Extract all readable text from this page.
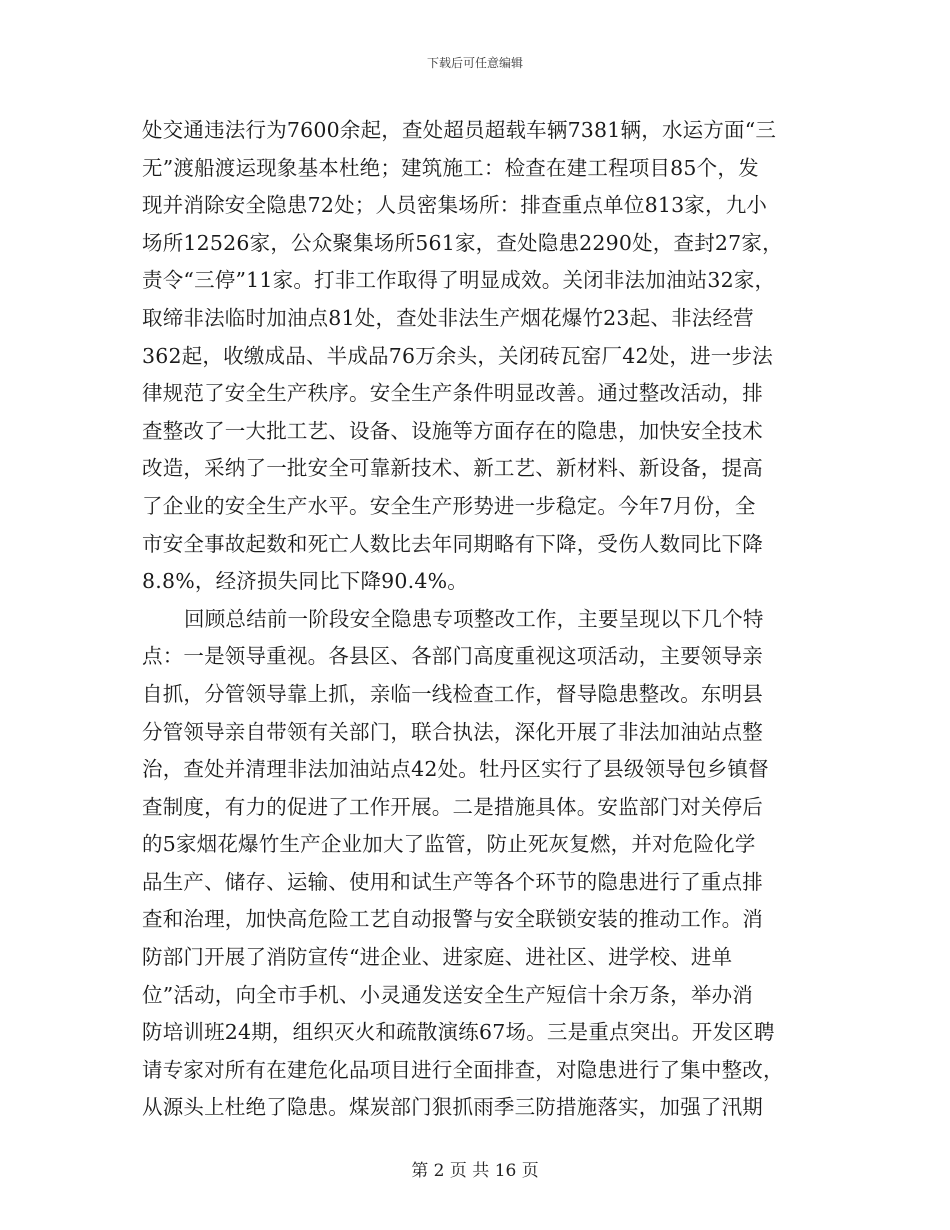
下载后可任意编辑
处交通违法行为7600余起，查处超员超载车辆7381辆，水运方面“三
无”渡船渡运现象基本杜绝；建筑施工：检查在建工程项目85个，发
现并消除安全隐患72处；人员密集场所：排查重点单位813家，九小
场所12526家，公众聚集场所561家，查处隐患2290处，查封27家，
责令“三停”11家。打非工作取得了明显成效。关闭非法加油站32家，
取缔非法临时加油点81处，查处非法生产烟花爆竹23起、非法经营
362起，收缴成品、半成品76万余头，关闭砖瓦窑厂42处，进一步法
律规范了安全生产秩序。安全生产条件明显改善。通过整改活动，排
查整改了一大批工艺、设备、设施等方面存在的隐患，加快安全技术
改造，采纳了一批安全可靠新技术、新工艺、新材料、新设备，提高
了企业的安全生产水平。安全生产形势进一步稳定。今年7月份，全
市安全事故起数和死亡人数比去年同期略有下降，受伤人数同比下降
8.8%，经济损失同比下降90.4%。
回顾总结前一阶段安全隐患专项整改工作，主要呈现以下几个特
点：一是领导重视。各县区、各部门高度重视这项活动，主要领导亲
自抓，分管领导靠上抓，亲临一线检查工作，督导隐患整改。东明县
分管领导亲自带领有关部门，联合执法，深化开展了非法加油站点整
治，查处并清理非法加油站点42处。牡丹区实行了县级领导包乡镇督
查制度，有力的促进了工作开展。二是措施具体。安监部门对关停后
的5家烟花爆竹生产企业加大了监管，防止死灰复燃，并对危险化学
品生产、储存、运输、使用和试生产等各个环节的隐患进行了重点排
查和治理，加快高危险工艺自动报警与安全联锁安装的推动工作。消
防部门开展了消防宣传“进企业、进家庭、进社区、进学校、进单
位”活动，向全市手机、小灵通发送安全生产短信十余万条，举办消
防培训班24期，组织灭火和疏散演练67场。三是重点突出。开发区聘
请专家对所有在建危化品项目进行全面排查，对隐患进行了集中整改，
从源头上杜绝了隐患。煤炭部门狠抓雨季三防措施落实，加强了汛期
第 2 页 共 16 页
